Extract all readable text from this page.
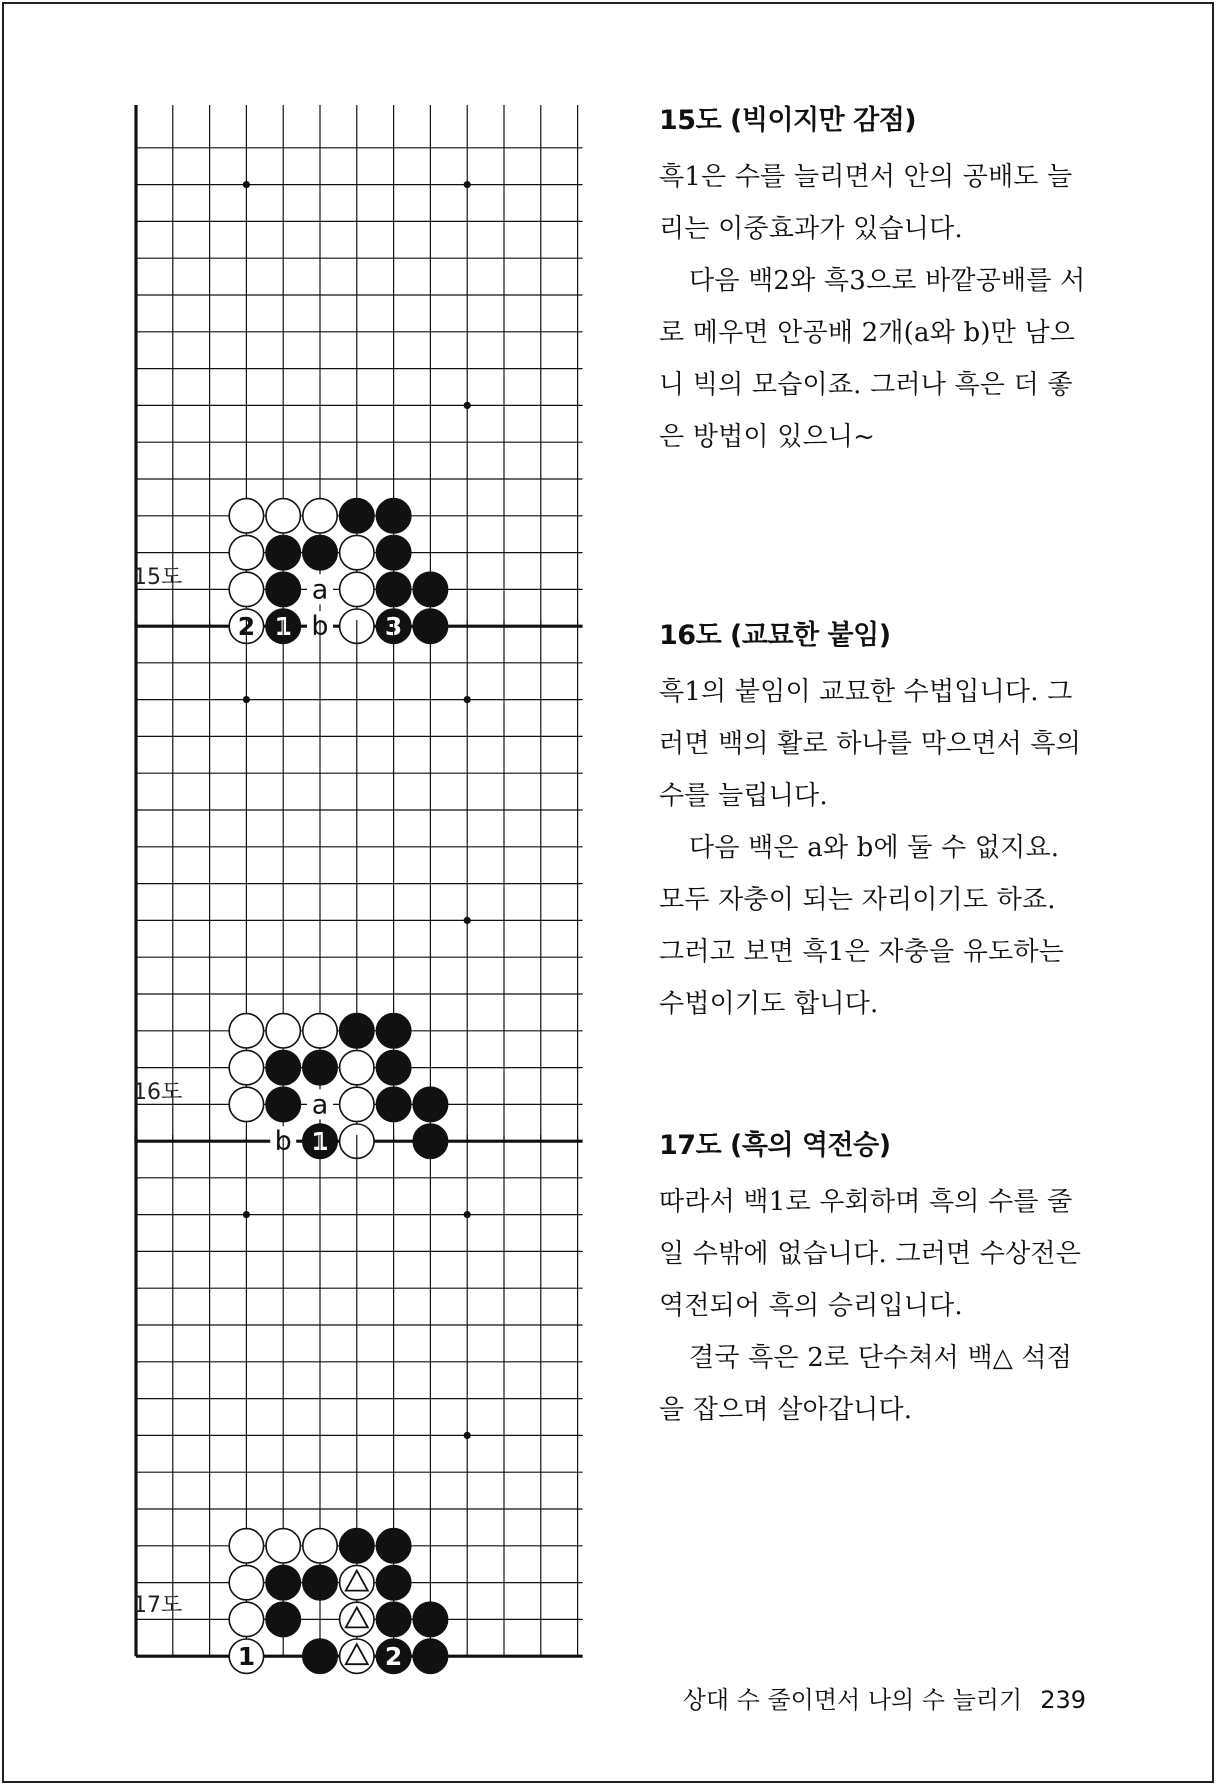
a
b
2 1	3
15도
15도 (빅이지만 감점)

흑1은 수를 늘리면서 안의 공배도 늘리는 이중효과가 있습니다.

다음 백2와 흑3으로 바깥공배를 서로 메우면 안공배 2개(a와 b)만 남으니 빅의 모습이죠. 그러나 흑은 더 좋은 방법이 있으니~

a
b 1
16도
16도 (교묘한 붙임)

흑1의 붙임이 교묘한 수법입니다. 그러면 백의 활로 하나를 막으면서 흑의 수를 늘립니다.

다음 백은 a와 b에 둘 수 없지요. 모두 자충이 되는 자리이기도 하죠. 그러고 보면 흑1은 자충을 유도하는 수법이기도 합니다.

1	2
17도
17도 (흑의 역전승)

따라서 백1로 우회하며 흑의 수를 줄일 수밖에 없습니다. 그러면 수상전은 역전되어 흑의 승리입니다.

결국 흑은 2로 단수쳐서 백△ 석점을 잡으며 살아갑니다.

상대 수 줄이면서 나의 수 늘리기 239
